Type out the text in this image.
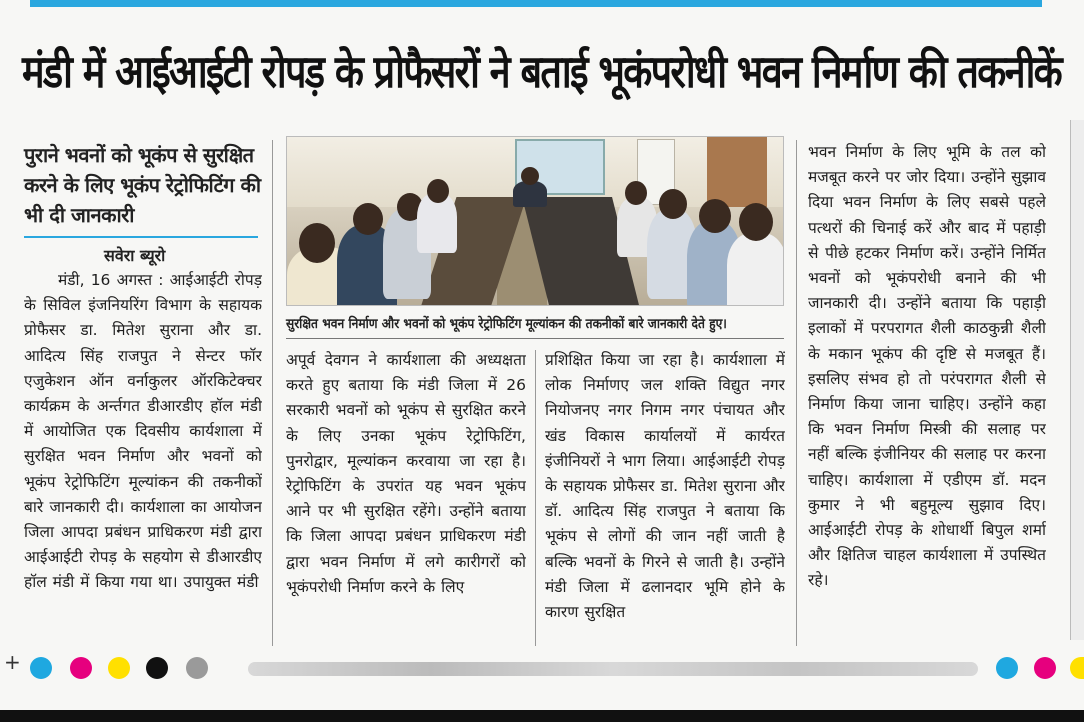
मंडी में आईआईटी रोपड़ के प्रोफैसरों ने बताई भूकंपरोधी भवन निर्माण की तकनीकें
पुराने भवनों को भूकंप से सुरक्षित करने के लिए भूकंप रेट्रोफिटिंग की भी दी जानकारी
सवेरा ब्यूरो
मंडी, 16 अगस्त : आईआईटी रोपड़ के सिविल इंजनियरिंग विभाग के सहायक प्रोफैसर डा. मितेश सुराना और डा. आदित्य सिंह राजपुत ने सेन्टर फॉर एजुकेशन ऑन वर्नाकुलर ऑरकिटेक्चर कार्यक्रम के अर्न्तगत डीआरडीए हॉल मंडी में आयोजित एक दिवसीय कार्यशाला में सुरक्षित भवन निर्माण और भवनों को भूकंप रेट्रोफिटिंग मूल्यांकन की तकनीकों बारे जानकारी दी। कार्यशाला का आयोजन जिला आपदा प्रबंधन प्राधिकरण मंडी द्वारा आईआईटी रोपड़ के सहयोग से डीआरडीए हॉल मंडी में किया गया था। उपायुक्त मंडी
सुरक्षित भवन निर्माण और भवनों को भूकंप रेट्रोफिटिंग मूल्यांकन की तकनीकों बारे जानकारी देते हुए।
अपूर्व देवगन ने कार्यशाला की अध्यक्षता करते हुए बताया कि मंडी जिला में 26 सरकारी भवनों को भूकंप से सुरक्षित करने के लिए उनका भूकंप रेट्रोफिटिंग, पुनरोद्वार, मूल्यांकन करवाया जा रहा है। रेट्रोफिटिंग के उपरांत यह भवन भूकंप आने पर भी सुरक्षित रहेंगे। उन्होंने बताया कि जिला आपदा प्रबंधन प्राधिकरण मंडी द्वारा भवन निर्माण में लगे कारीगरों को भूकंपरोधी निर्माण करने के लिए
प्रशिक्षित किया जा रहा है। कार्यशाला में लोक निर्माणए जल शक्ति विद्युत नगर नियोजनए नगर निगम नगर पंचायत और खंड विकास कार्यालयों में कार्यरत इंजीनियरों ने भाग लिया। आईआईटी रोपड़ के सहायक प्रोफैसर डा. मितेश सुराना और डॉ. आदित्य सिंह राजपुत ने बताया कि भूकंप से लोगों की जान नहीं जाती है बल्कि भवनों के गिरने से जाती है। उन्होंने मंडी जिला में ढलानदार भूमि होने के कारण सुरक्षित
भवन निर्माण के लिए भूमि के तल को मजबूत करने पर जोर दिया। उन्होंने सुझाव दिया भवन निर्माण के लिए सबसे पहले पत्थरों की चिनाई करें और बाद में पहाड़ी से पीछे हटकर निर्माण करें। उन्होंने निर्मित भवनों को भूकंपरोधी बनाने की भी जानकारी दी। उन्होंने बताया कि पहाड़ी इलाकों में परपरागत शैली काठकुन्नी शैली के मकान भूकंप की दृष्टि से मजबूत हैं। इसलिए संभव हो तो परंपरागत शैली से निर्माण किया जाना चाहिए। उन्होंने कहा कि भवन निर्माण मिस्त्री की सलाह पर नहीं बल्कि इंजीनियर की सलाह पर करना चाहिए। कार्यशाला में एडीएम डॉ. मदन कुमार ने भी बहुमूल्य सुझाव दिए। आईआईटी रोपड़ के शोधार्थी बिपुल शर्मा और क्षितिज चाहल कार्यशाला में उपस्थित रहे।
+
